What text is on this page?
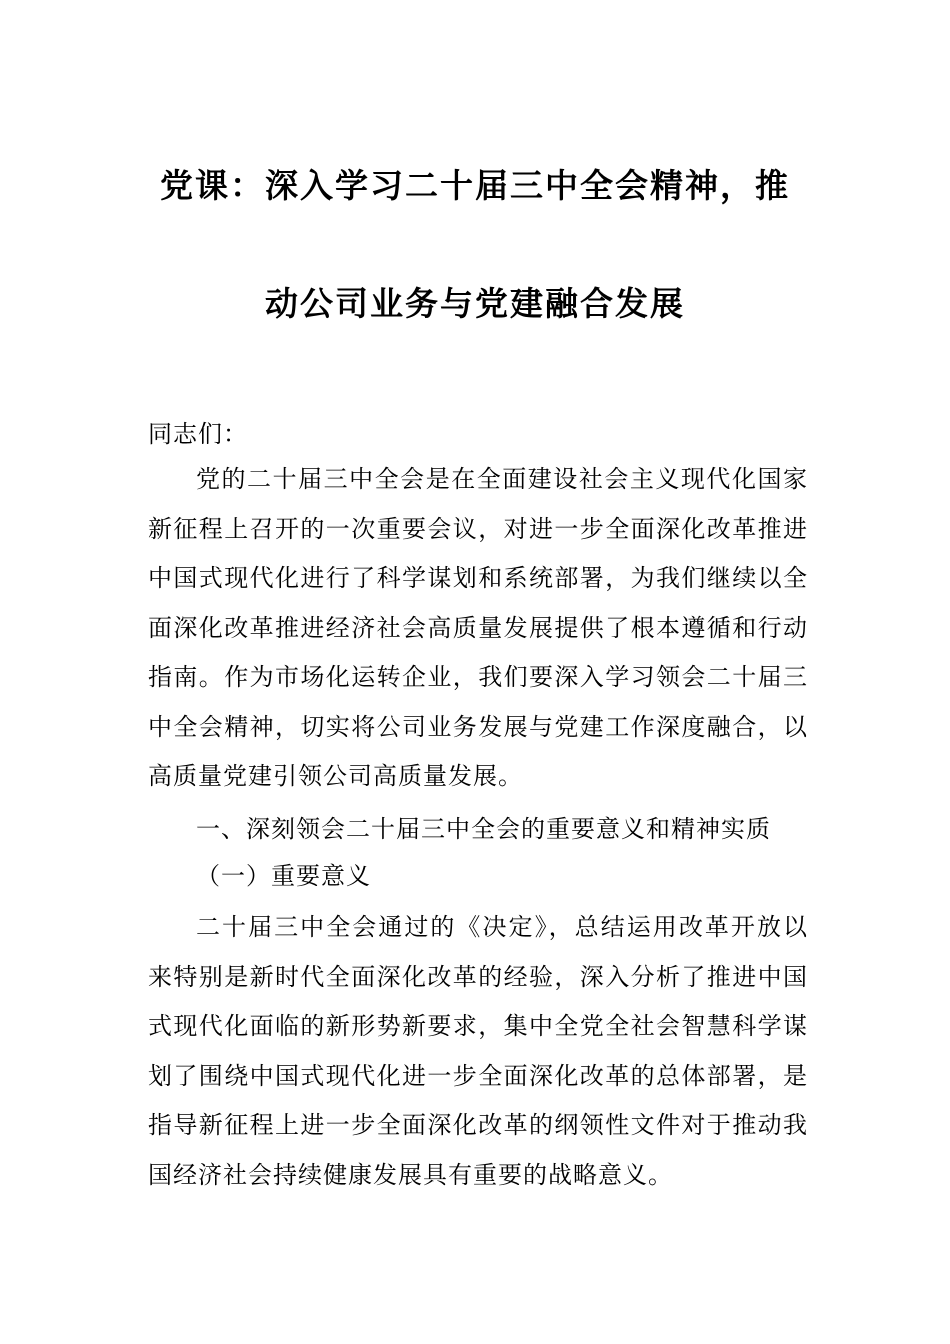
党课：深入学习二十届三中全会精神，推
动公司业务与党建融合发展
同志们：
党的二十届三中全会是在全面建设社会主义现代化国家新征程上召开的一次重要会议，对进一步全面深化改革推进中国式现代化进行了科学谋划和系统部署，为我们继续以全面深化改革推进经济社会高质量发展提供了根本遵循和行动指南。作为市场化运转企业，我们要深入学习领会二十届三中全会精神，切实将公司业务发展与党建工作深度融合，以高质量党建引领公司高质量发展。
一、深刻领会二十届三中全会的重要意义和精神实质
（一）重要意义
二十届三中全会通过的《决定》，总结运用改革开放以来特别是新时代全面深化改革的经验，深入分析了推进中国式现代化面临的新形势新要求，集中全党全社会智慧科学谋划了围绕中国式现代化进一步全面深化改革的总体部署，是指导新征程上进一步全面深化改革的纲领性文件对于推动我国经济社会持续健康发展具有重要的战略意义。
